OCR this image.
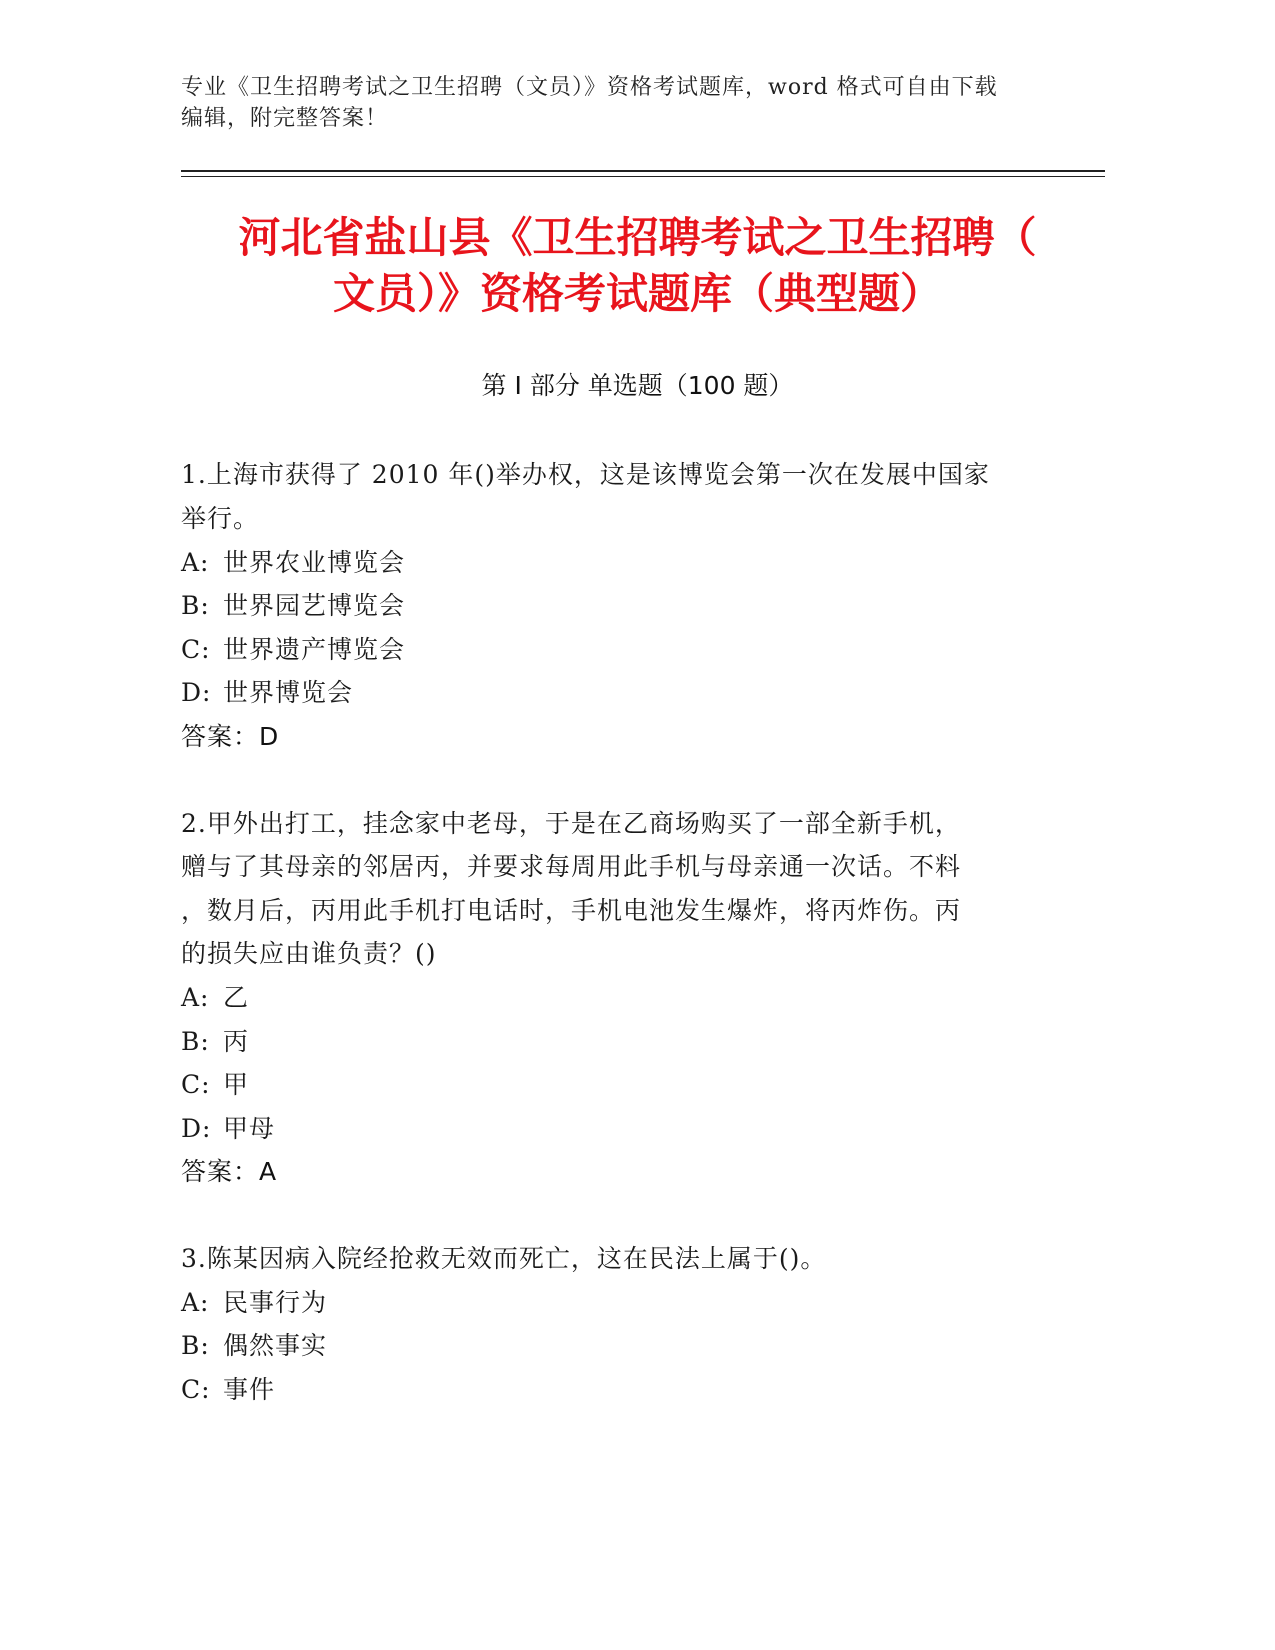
专业《卫生招聘考试之卫生招聘（文员）》资格考试题库，word 格式可自由下载
编辑，附完整答案！
河北省盐山县《卫生招聘考试之卫生招聘（
文员）》资格考试题库（典型题）
第 I 部分 单选题（100 题）
1.上海市获得了 2010 年()举办权，这是该博览会第一次在发展中国家
举行。
A: 世界农业博览会
B: 世界园艺博览会
C: 世界遗产博览会
D: 世界博览会
答案：D
2.甲外出打工，挂念家中老母，于是在乙商场购买了一部全新手机，
赠与了其母亲的邻居丙，并要求每周用此手机与母亲通一次话。不料
，数月后，丙用此手机打电话时，手机电池发生爆炸，将丙炸伤。丙
的损失应由谁负责？()
A: 乙
B: 丙
C: 甲
D: 甲母
答案：A
3.陈某因病入院经抢救无效而死亡，这在民法上属于()。
A: 民事行为
B: 偶然事实
C: 事件
